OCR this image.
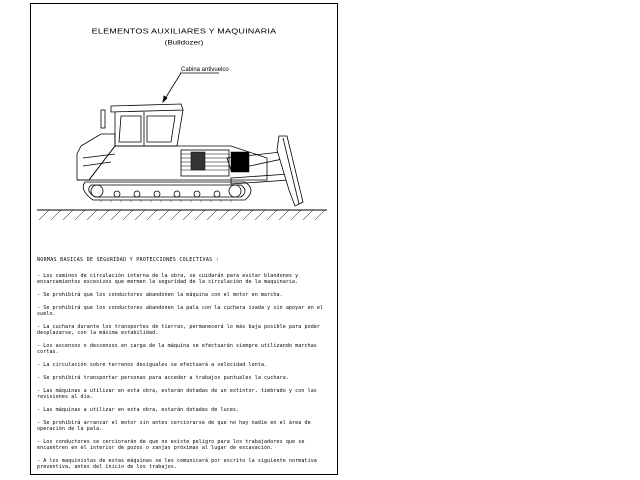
ELEMENTOS AUXILIARES Y MAQUINARIA
(Bulldozer)
Cabina antivuelco
NORMAS BASICAS DE SEGURIDAD Y PROTECCIONES COLECTIVAS :
- Los caminos de circulación interna de la obra, se cuidarán para evitar blandones y encarcamientos excesivos que mermen la seguridad de la circulación de la maquinaria.
- Se prohibirá que los conductores abandonen la máquina con el motor en marcha.
- Se prohibirá que los conductores abandonen la pala con la cuchara izada y sin apoyar en el suelo.
- La cuchara durante los transportes de tierras, permanecerá lo más baja posible para poder desplazarse, con la máxima estabilidad.
- Los ascensos o descensos en carga de la máquina se efectuarán siempre utilizando marchas cortas.
- La circulación sobre terrenos desiguales se efectuará a velocidad lenta.
- Se prohibirá transportar personas para acceder a trabajos puntuales la cuchara.
- Las máquinas a utilizar en esta obra, estarán dotadas de un extintor, timbrado y con las revisiones al día.
- Las máquinas a utilizar en esta obra, estarán dotadas de luces.
- Se prohibirá arrancar el motor sin antes cerciorarse de que no hay nadie en el área de operación de la pala.
- Los conductores se cerciorarán de que no existe peligro para los trabajadores que se encuentren en el interior de pozos o zanjas próximas al lugar de excavación.
- A los maquinistas de estas máquinas se les comunicará por escrito la siguiente normativa preventiva, antes del inicio de los trabajos.
